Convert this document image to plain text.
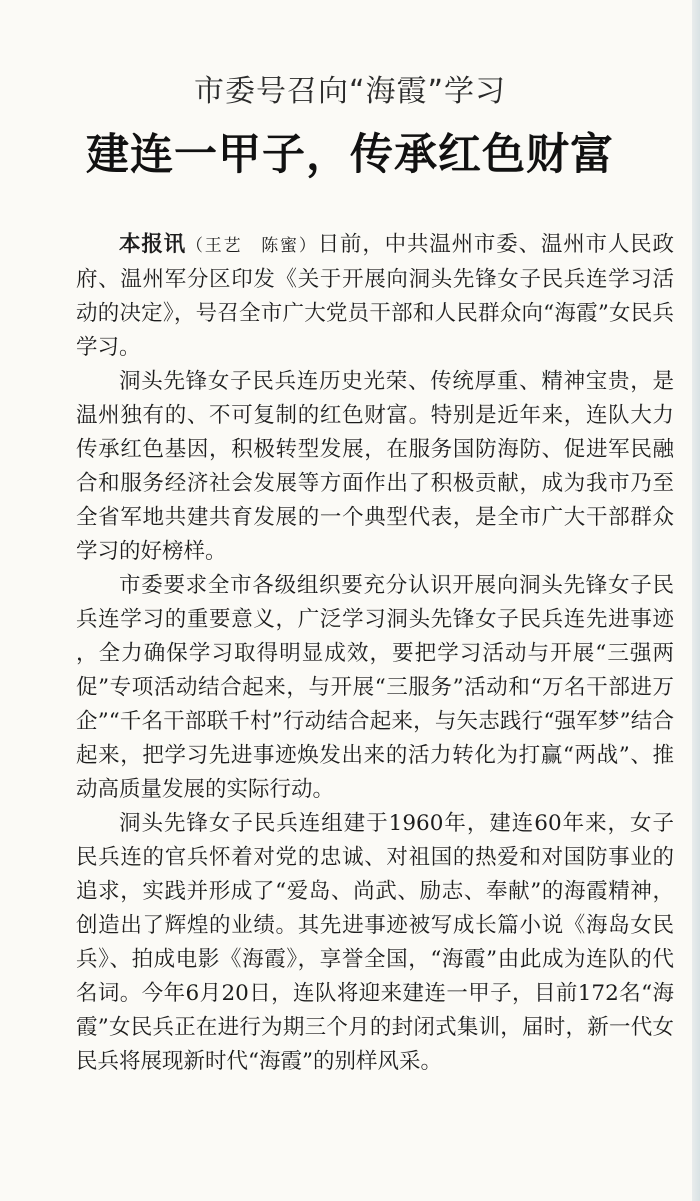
市委号召向“海霞”学习
建连一甲子，传承红色财富

本报讯（王艺　陈蜜）日前，中共温州市委、温州市人民政府、温州军分区印发《关于开展向洞头先锋女子民兵连学习活动的决定》，号召全市广大党员干部和人民群众向“海霞”女民兵学习。

洞头先锋女子民兵连历史光荣、传统厚重、精神宝贵，是温州独有的、不可复制的红色财富。特别是近年来，连队大力传承红色基因，积极转型发展，在服务国防海防、促进军民融合和服务经济社会发展等方面作出了积极贡献，成为我市乃至全省军地共建共育发展的一个典型代表，是全市广大干部群众学习的好榜样。

市委要求全市各级组织要充分认识开展向洞头先锋女子民兵连学习的重要意义，广泛学习洞头先锋女子民兵连先进事迹 ，全力确保学习取得明显成效，要把学习活动与开展“三强两促”专项活动结合起来，与开展“三服务”活动和“万名干部进万企”“千名干部联千村”行动结合起来，与矢志践行“强军梦”结合起来，把学习先进事迹焕发出来的活力转化为打赢“两战”、推动高质量发展的实际行动。

洞头先锋女子民兵连组建于1960年，建连60年来，女子民兵连的官兵怀着对党的忠诚、对祖国的热爱和对国防事业的追求，实践并形成了“爱岛、尚武、励志、奉献”的海霞精神，创造出了辉煌的业绩。其先进事迹被写成长篇小说《海岛女民兵》、拍成电影《海霞》，享誉全国，“海霞”由此成为连队的代名词。今年6月20日，连队将迎来建连一甲子，目前172名“海霞”女民兵正在进行为期三个月的封闭式集训，届时，新一代女民兵将展现新时代“海霞”的别样风采。
